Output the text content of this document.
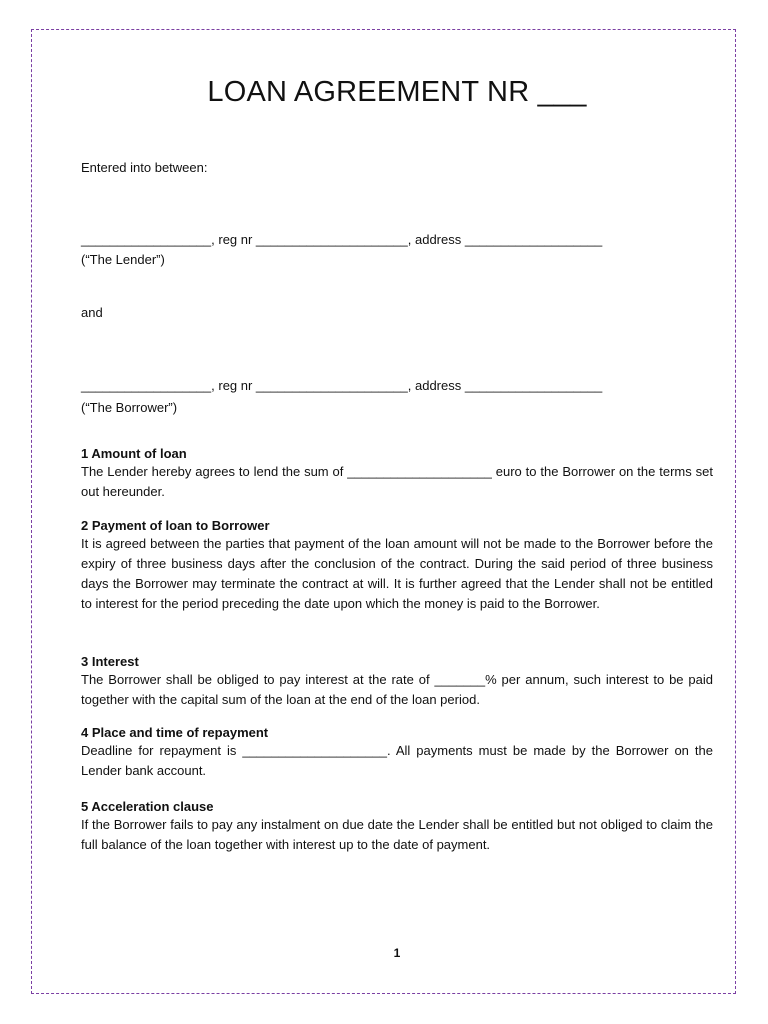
LOAN AGREEMENT NR ___

Entered into between:

__________________, reg nr _____________________, address ___________________

(“The Lender”)

and

__________________, reg nr _____________________, address ___________________

(“The Borrower”)

1 Amount of loan

The Lender hereby agrees to lend the sum of ____________________ euro to the Borrower on the terms set out hereunder.

2 Payment of loan to Borrower

It is agreed between the parties that payment of the loan amount will not be made to the Borrower before the expiry of three business days after the conclusion of the contract. During the said period of three business days the Borrower may terminate the contract at will. It is further agreed that the Lender shall not be entitled to interest for the period preceding the date upon which the money is paid to the Borrower.

3 Interest

The Borrower shall be obliged to pay interest at the rate of _______% per annum, such interest to be paid together with the capital sum of the loan at the end of the loan period.

4 Place and time of repayment

Deadline for repayment is ____________________. All payments must be made by the Borrower on the Lender bank account.

5 Acceleration clause

If the Borrower fails to pay any instalment on due date the Lender shall be entitled but not obliged to claim the full balance of the loan together with interest up to the date of payment.

1
